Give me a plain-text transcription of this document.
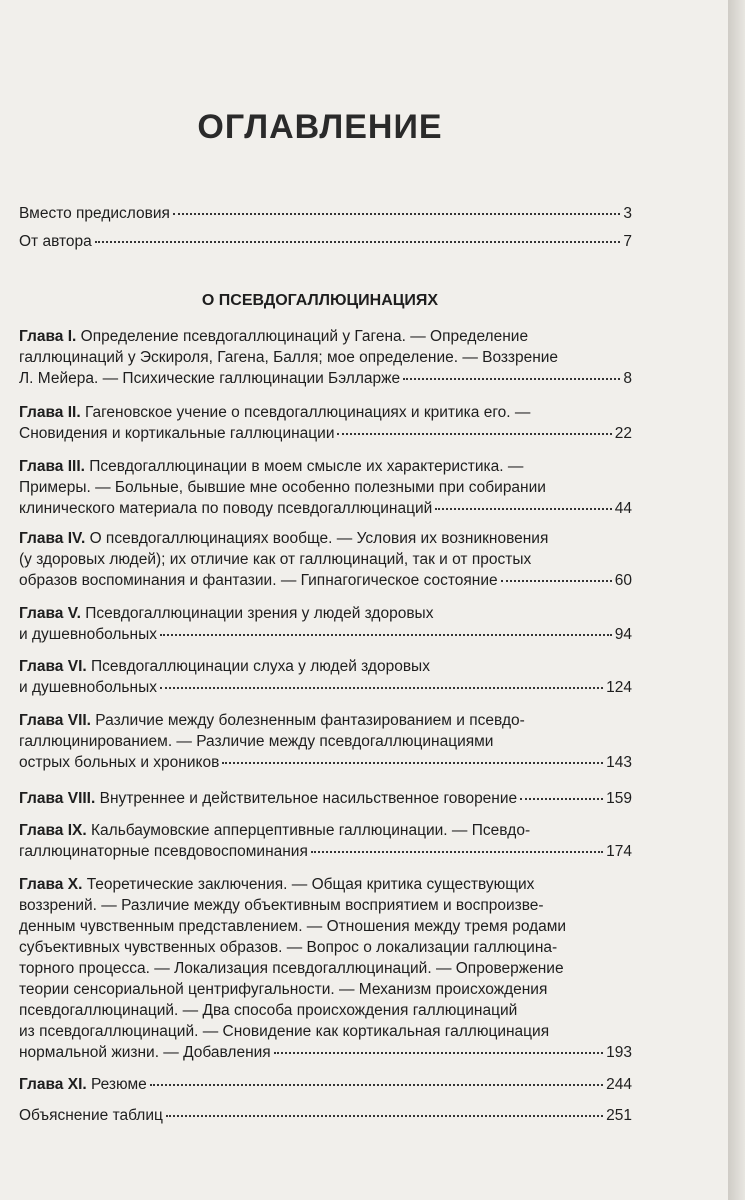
ОГЛАВЛЕНИЕ
Вместо предисловия	3
От автора	7
О ПСЕВДОГАЛЛЮЦИНАЦИЯХ
Глава I. Определение псевдогаллюцинаций у Гагена. — Определение
галлюцинаций у Эскироля, Гагена, Балля; мое определение. — Воззрение
Л. Мейера. — Психические галлюцинации Бэлларже	8
Глава II. Гагеновское учение о псевдогаллюцинациях и критика его. —
Сновидения и кортикальные галлюцинации	22
Глава III. Псевдогаллюцинации в моем смысле их характеристика. —
Примеры. — Больные, бывшие мне особенно полезными при собирании
клинического материала по поводу псевдогаллюцинаций	44
Глава IV. О псевдогаллюцинациях вообще. — Условия их возникновения
(у здоровых людей); их отличие как от галлюцинаций, так и от простых
образов воспоминания и фантазии. — Гипнагогическое состояние	60
Глава V. Псевдогаллюцинации зрения у людей здоровых
и душевнобольных	94
Глава VI. Псевдогаллюцинации слуха у людей здоровых
и душевнобольных	124
Глава VII. Различие между болезненным фантазированием и псевдо-
галлюцинированием. — Различие между псевдогаллюцинациями
острых больных и хроников	143
Глава VIII. Внутреннее и действительное насильственное говорение	159
Глава IX. Кальбаумовские апперцептивные галлюцинации. — Псевдо-
галлюцинаторные псевдовоспоминания	174
Глава X. Теоретические заключения. — Общая критика существующих
воззрений. — Различие между объективным восприятием и воспроизве-
денным чувственным представлением. — Отношения между тремя родами
субъективных чувственных образов. — Вопрос о локализации галлюцина-
торного процесса. — Локализация псевдогаллюцинаций. — Опровержение
теории сенсориальной центрифугальности. — Механизм происхождения
псевдогаллюцинаций. — Два способа происхождения галлюцинаций
из псевдогаллюцинаций. — Сновидение как кортикальная галлюцинация
нормальной жизни. — Добавления	193
Глава XI. Резюме	244
Объяснение таблиц	251
